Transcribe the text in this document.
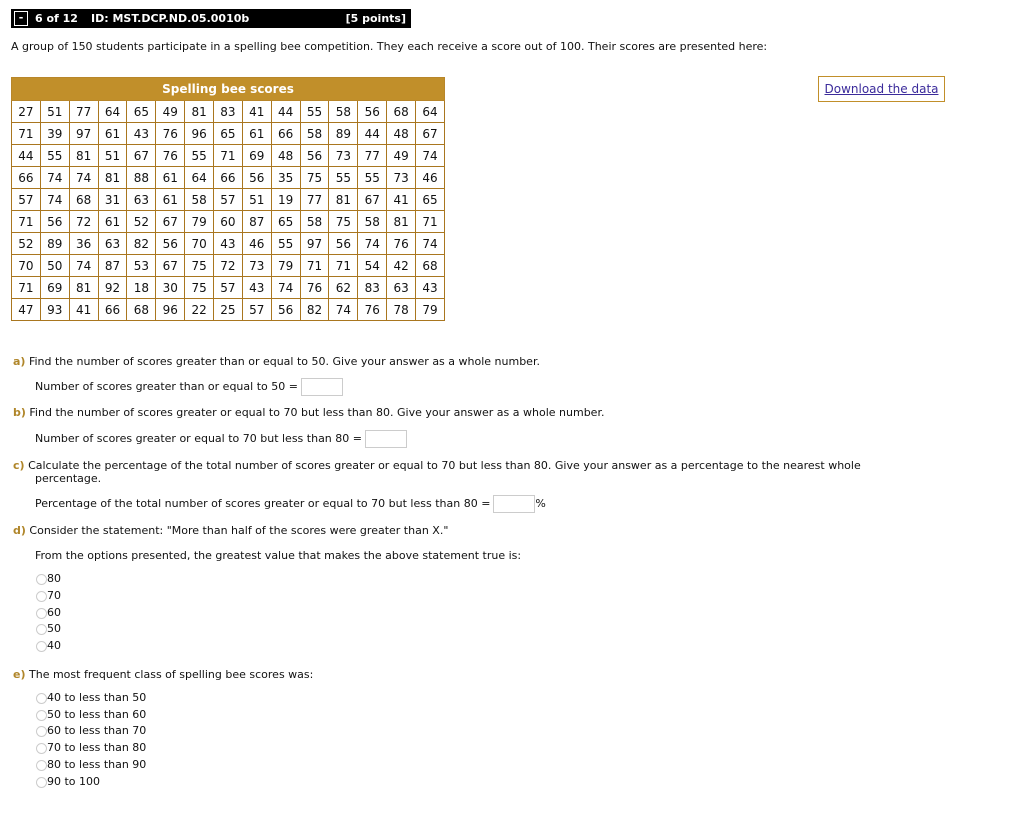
-	6 of 12 ID: MST.DCP.ND.05.0010b	[5 points]
A group of 150 students participate in a spelling bee competition. They each receive a score out of 100. Their scores are presented here:
Spelling bee scores														
27	51	77	64	65	49	81	83	41	44	55	58	56	68	64
71	39	97	61	43	76	96	65	61	66	58	89	44	48	67
44	55	81	51	67	76	55	71	69	48	56	73	77	49	74
66	74	74	81	88	61	64	66	56	35	75	55	55	73	46
57	74	68	31	63	61	58	57	51	19	77	81	67	41	65
71	56	72	61	52	67	79	60	87	65	58	75	58	81	71
52	89	36	63	82	56	70	43	46	55	97	56	74	76	74
70	50	74	87	53	67	75	72	73	79	71	71	54	42	68
71	69	81	92	18	30	75	57	43	74	76	62	83	63	43
47	93	41	66	68	96	22	25	57	56	82	74	76	78	79
Download the data
a) Find the number of scores greater than or equal to 50. Give your answer as a whole number.
Number of scores greater than or equal to 50 =
b) Find the number of scores greater or equal to 70 but less than 80. Give your answer as a whole number.
Number of scores greater or equal to 70 but less than 80 =
c) Calculate the percentage of the total number of scores greater or equal to 70 but less than 80. Give your answer as a percentage to the nearest whole
percentage.
Percentage of the total number of scores greater or equal to 70 but less than 80 =	%
d) Consider the statement: "More than half of the scores were greater than X."
From the options presented, the greatest value that makes the above statement true is:
80
70
60
50
40
e) The most frequent class of spelling bee scores was:
40 to less than 50
50 to less than 60
60 to less than 70
70 to less than 80
80 to less than 90
90 to 100
